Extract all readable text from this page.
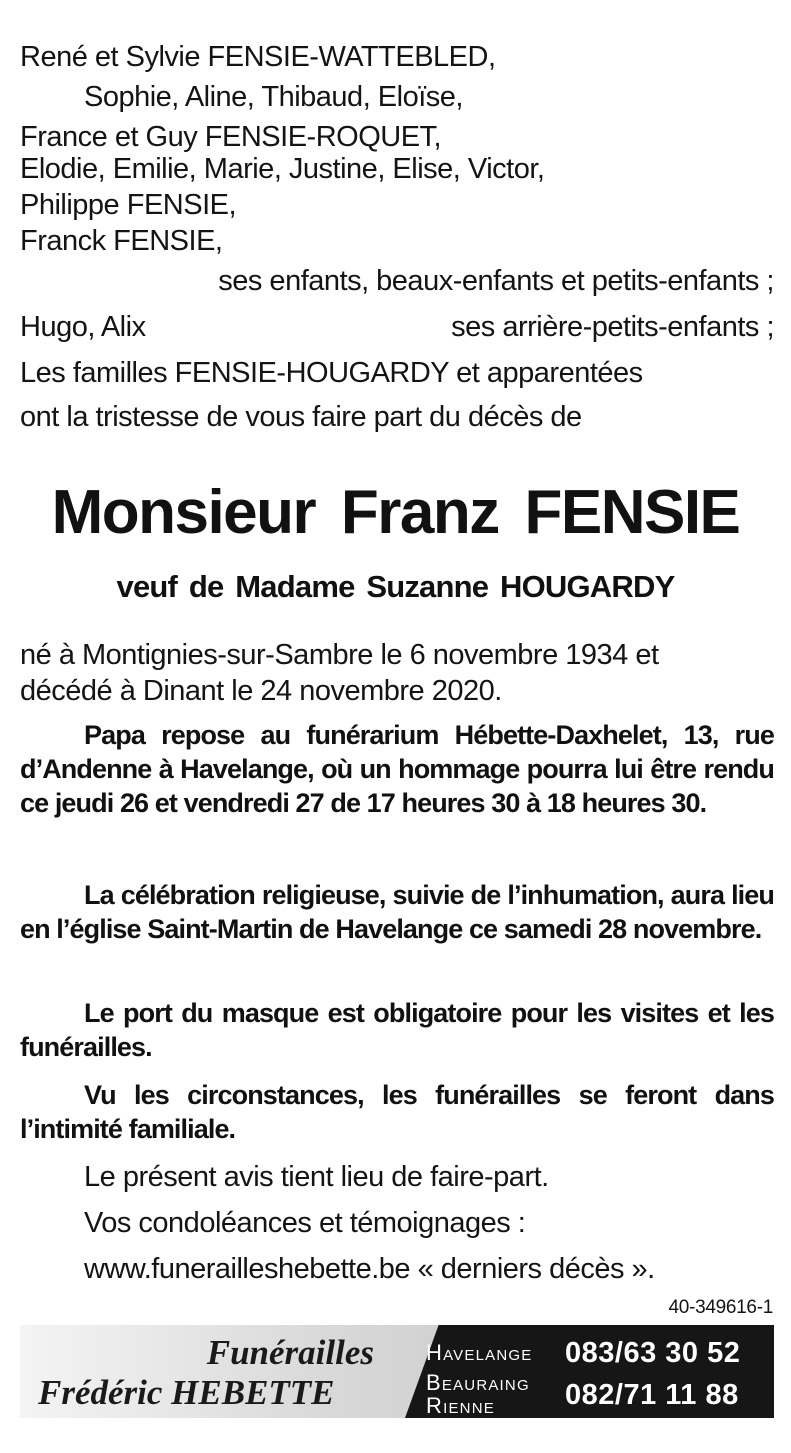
René et Sylvie FENSIE-WATTEBLED,
Sophie, Aline, Thibaud, Eloïse,
France et Guy FENSIE-ROQUET,
Elodie, Emilie, Marie, Justine, Elise, Victor,
Philippe FENSIE,
Franck FENSIE,
ses enfants, beaux-enfants et petits-enfants ;
Hugo, Alix	ses arrière-petits-enfants ;
Les familles FENSIE-HOUGARDY et apparentées
ont la tristesse de vous faire part du décès de
Monsieur Franz FENSIE
veuf de Madame Suzanne HOUGARDY
né à Montignies-sur-Sambre le 6 novembre 1934 et
décédé à Dinant le 24 novembre 2020.
Papa repose au funérarium Hébette-Daxhelet, 13, rue d’Andenne à Havelange, où un hommage pourra lui être rendu ce jeudi 26 et vendredi 27 de 17 heures 30 à 18 heures 30.
La célébration religieuse, suivie de l’inhumation, aura lieu en l’église Saint-Martin de Havelange ce samedi 28 novembre.
Le port du masque est obligatoire pour les visites et les funérailles.
Vu les circonstances, les funérailles se feront dans l’intimité familiale.
Le présent avis tient lieu de faire-part.
Vos condoléances et témoignages :
www.funerailleshebette.be « derniers décès ».
40-349616-1
Funérailles
Frédéric HEBETTE
Havelange 083/63 30 52
Beauraing
Rienne 082/71 11 88
